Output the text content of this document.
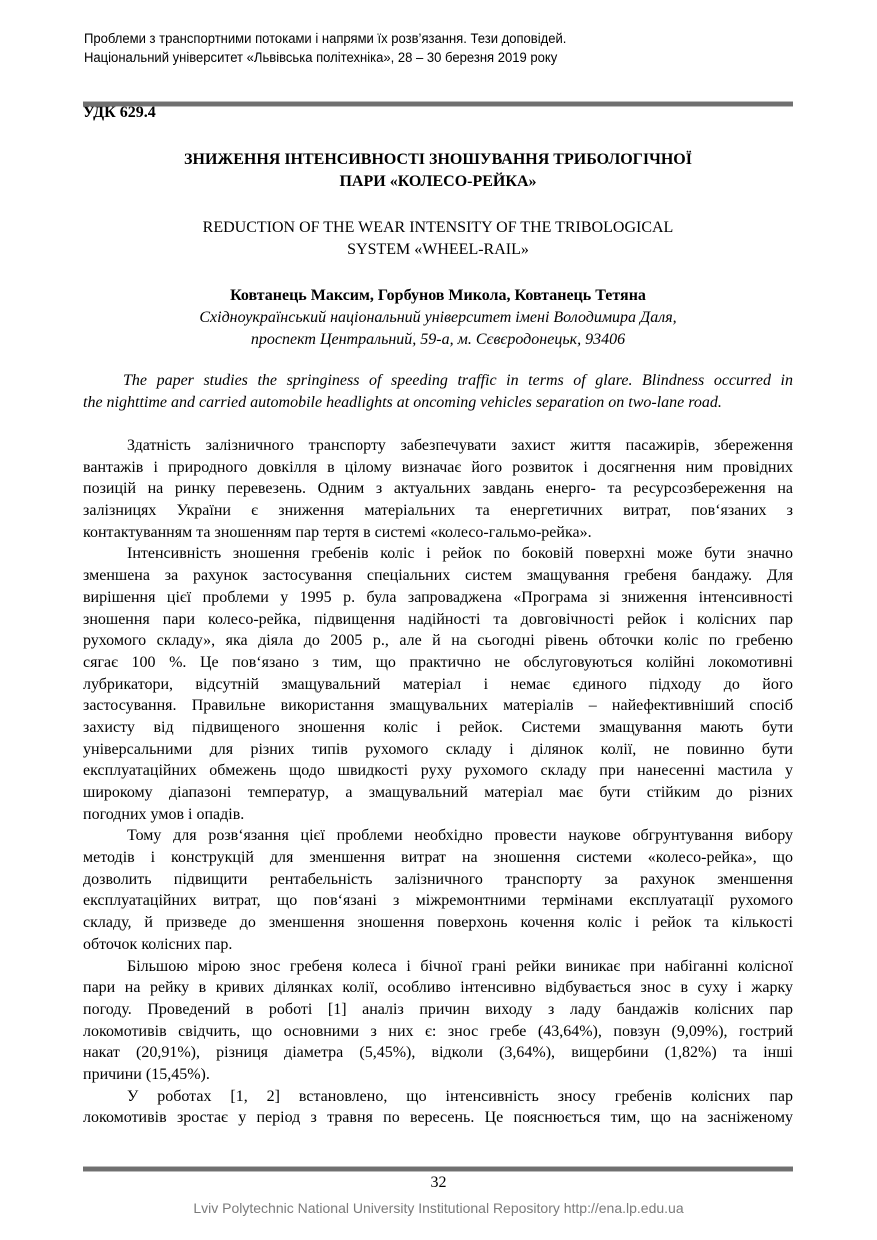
Проблеми з транспортними потоками і напрями їх розв’язання. Тези доповідей.
Національний університет «Львівська політехніка», 28 – 30 березня 2019 року
УДК 629.4
ЗНИЖЕННЯ ІНТЕНСИВНОСТІ ЗНОШУВАННЯ ТРИБОЛОГІЧНОЇ
ПАРИ «КОЛЕСО-РЕЙКА»
REDUCTION OF THE WEAR INTENSITY OF THE TRIBOLOGICAL
SYSTEM «WHEEL-RAIL»
Ковтанець Максим, Горбунов Микола, Ковтанець Тетяна
Східноукраїнський національний університет імені Володимира Даля,
проспект Центральний, 59-а, м. Сєвєродонецьк, 93406
The paper studies the springiness of speeding traffic in terms of glare. Blindness occurred in
the nighttime and carried automobile headlights at oncoming vehicles separation on two-lane road.
Здатність залізничного транспорту забезпечувати захист життя пасажирів, збереження
вантажів і природного довкілля в цілому визначає його розвиток і досягнення ним провідних
позицій на ринку перевезень. Одним з актуальних завдань енерго- та ресурсозбереження на
залізницях України є зниження матеріальних та енергетичних витрат, пов‘язаних з
контактуванням та зношенням пар тертя в системі «колесо-гальмо-рейка».
Інтенсивність зношення гребенів коліс і рейок по боковій поверхні може бути значно
зменшена за рахунок застосування спеціальних систем змащування гребеня бандажу. Для
вирішення цієї проблеми у 1995 р. була запроваджена «Програма зі зниження інтенсивності
зношення пари колесо-рейка, підвищення надійності та довговічності рейок і колісних пар
рухомого складу», яка діяла до 2005 р., але й на сьогодні рівень обточки коліс по гребеню
сягає 100 %. Це пов‘язано з тим, що практично не обслуговуються колійні локомотивні
лубрикатори, відсутній змащувальний матеріал і немає єдиного підходу до його
застосування. Правильне використання змащувальних матеріалів – найефективніший спосіб
захисту від підвищеного зношення коліс і рейок. Системи змащування мають бути
універсальними для різних типів рухомого складу і ділянок колії, не повинно бути
експлуатаційних обмежень щодо швидкості руху рухомого складу при нанесенні мастила у
широкому діапазоні температур, а змащувальний матеріал має бути стійким до різних
погодних умов і опадів.
Тому для розв‘язання цієї проблеми необхідно провести наукове обгрунтування вибору
методів і конструкцій для зменшення витрат на зношення системи «колесо-рейка», що
дозволить підвищити рентабельність залізничного транспорту за рахунок зменшення
експлуатаційних витрат, що пов‘язані з міжремонтними термінами експлуатації рухомого
складу, й призведе до зменшення зношення поверхонь кочення коліс і рейок та кількості
обточок колісних пар.
Більшою мірою знос гребеня колеса і бічної грані рейки виникає при набіганні колісної
пари на рейку в кривих ділянках колії, особливо інтенсивно відбувається знос в суху і жарку
погоду. Проведений в роботі [1] аналіз причин виходу з ладу бандажів колісних пар
локомотивів свідчить, що основними з них є: знос гребе (43,64%), повзун (9,09%), гострий
накат (20,91%), різниця діаметра (5,45%), відколи (3,64%), вищербини (1,82%) та інші
причини (15,45%).
У роботах [1, 2] встановлено, що інтенсивність зносу гребенів колісних пар
локомотивів зростає у період з травня по вересень. Це пояснюється тим, що на засніженому
32
Lviv Polytechnic National University Institutional Repository http://ena.lp.edu.ua
